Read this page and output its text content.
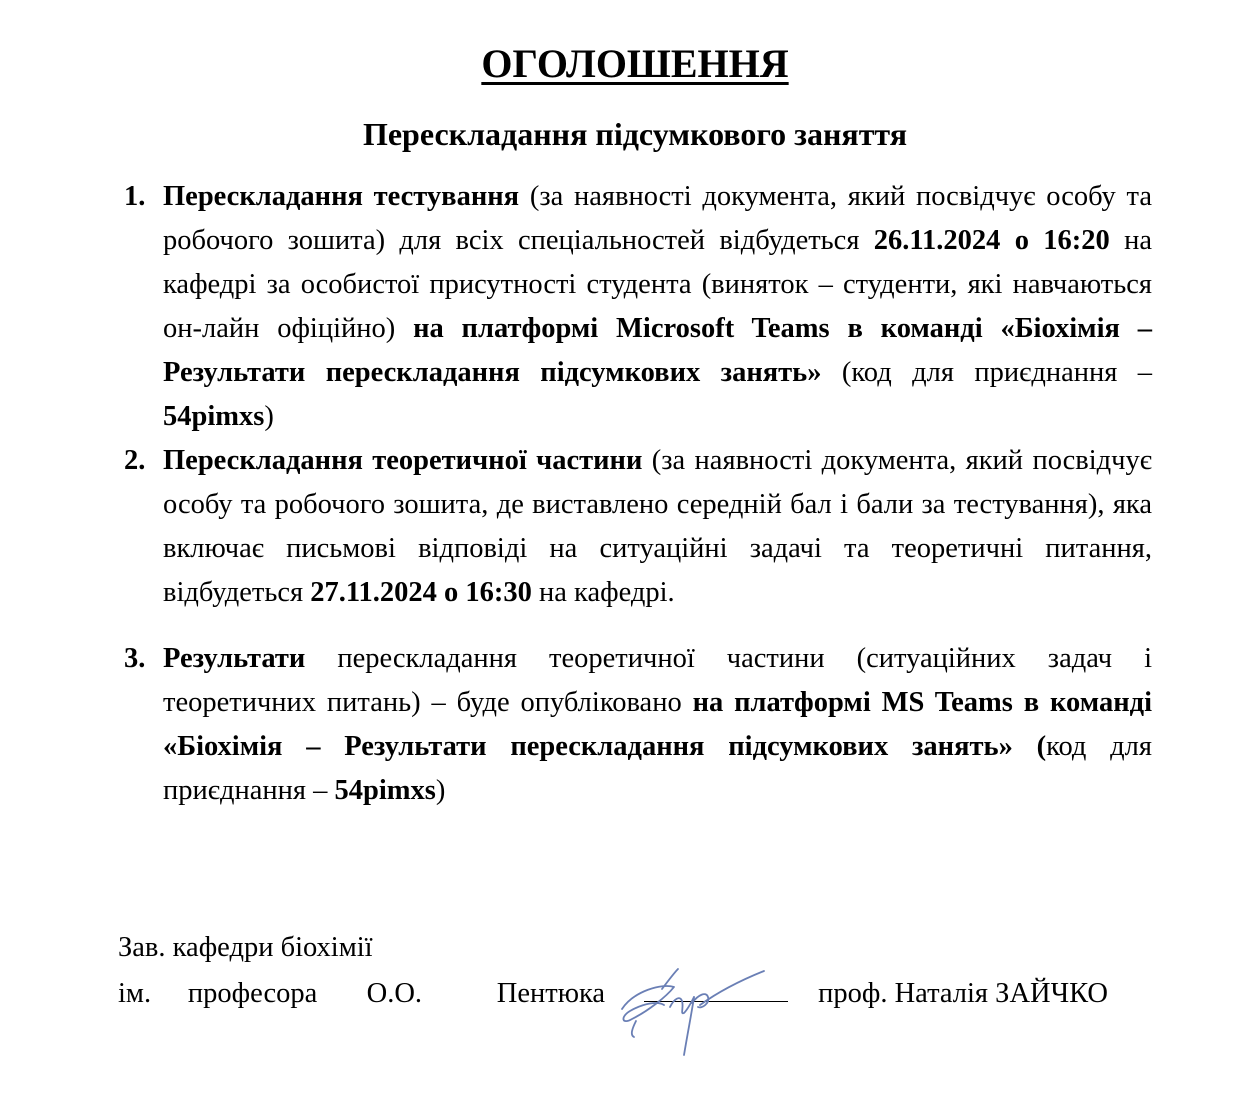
ОГОЛОШЕННЯ
Перескладання підсумкового заняття
1. Перескладання тестування (за наявності документа, який посвідчує особу та робочого зошита) для всіх спеціальностей відбудеться 26.11.2024 о 16:20 на кафедрі за особистої присутності студента (виняток – студенти, які навчаються он-лайн офіційно) на платформі Microsoft Teams в команді «Біохімія – Результати перескладання підсумкових занять» (код для приєднання – 54pimxs)
2. Перескладання теоретичної частини (за наявності документа, який посвідчує особу та робочого зошита, де виставлено середній бал і бали за тестування), яка включає письмові відповіді на ситуаційні задачі та теоретичні питання, відбудеться 27.11.2024 о 16:30 на кафедрі.
3. Результати перескладання теоретичної частини (ситуаційних задач і теоретичних питань) – буде опубліковано на платформі MS Teams в команді «Біохімія – Результати перескладання підсумкових занять» (код для приєднання – 54pimxs)
Зав. кафедри біохімії
ім.	професора	О.О.	Пентюка	проф. Наталія ЗАЙЧКО
